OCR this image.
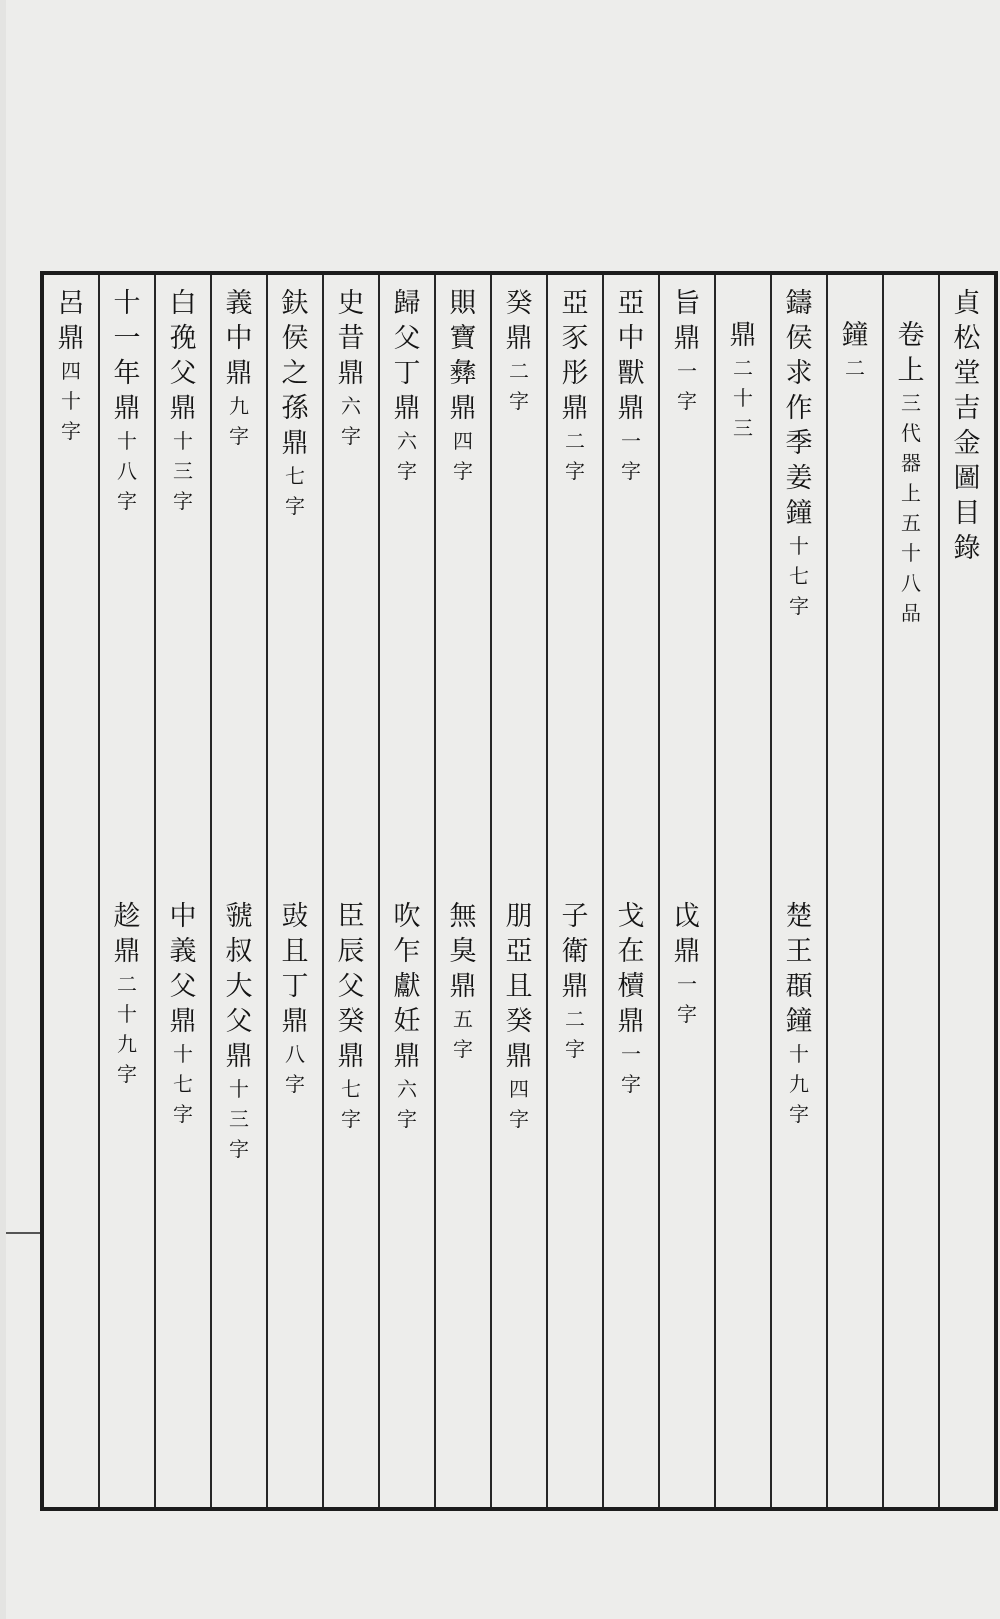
貞
松
堂
吉
金
圖
目
錄
卷
上
三
代
器
上
五
十
八
品
鐘
二
鑄
侯
求
作
季
姜
鐘
十
七
字
楚
王
頵
鐘
十
九
字
鼎
二
十
三
旨
鼎
一
字
戉
鼎
一
字
亞
中
獸
鼎
一
字
戈
在
櫝
鼎
一
字
亞
豕
彤
鼎
二
字
子
衛
鼎
二
字
癸
鼎
二
字
朋
亞
且
癸
鼎
四
字
賏
寶
彝
鼎
四
字
無
臭
鼎
五
字
歸
父
丁
鼎
六
字
吹
乍
獻
妊
鼎
六
字
史
昔
鼎
六
字
臣
辰
父
癸
鼎
七
字
鈇
侯
之
孫
鼎
七
字
䜴
且
丁
鼎
八
字
義
中
鼎
九
字
虢
叔
大
父
鼎
十
三
字
白
㝃
父
鼎
十
三
字
中
義
父
鼎
十
七
字
十
一
年
鼎
十
八
字
趁
鼎
二
十
九
字
呂
鼎
四
十
字
